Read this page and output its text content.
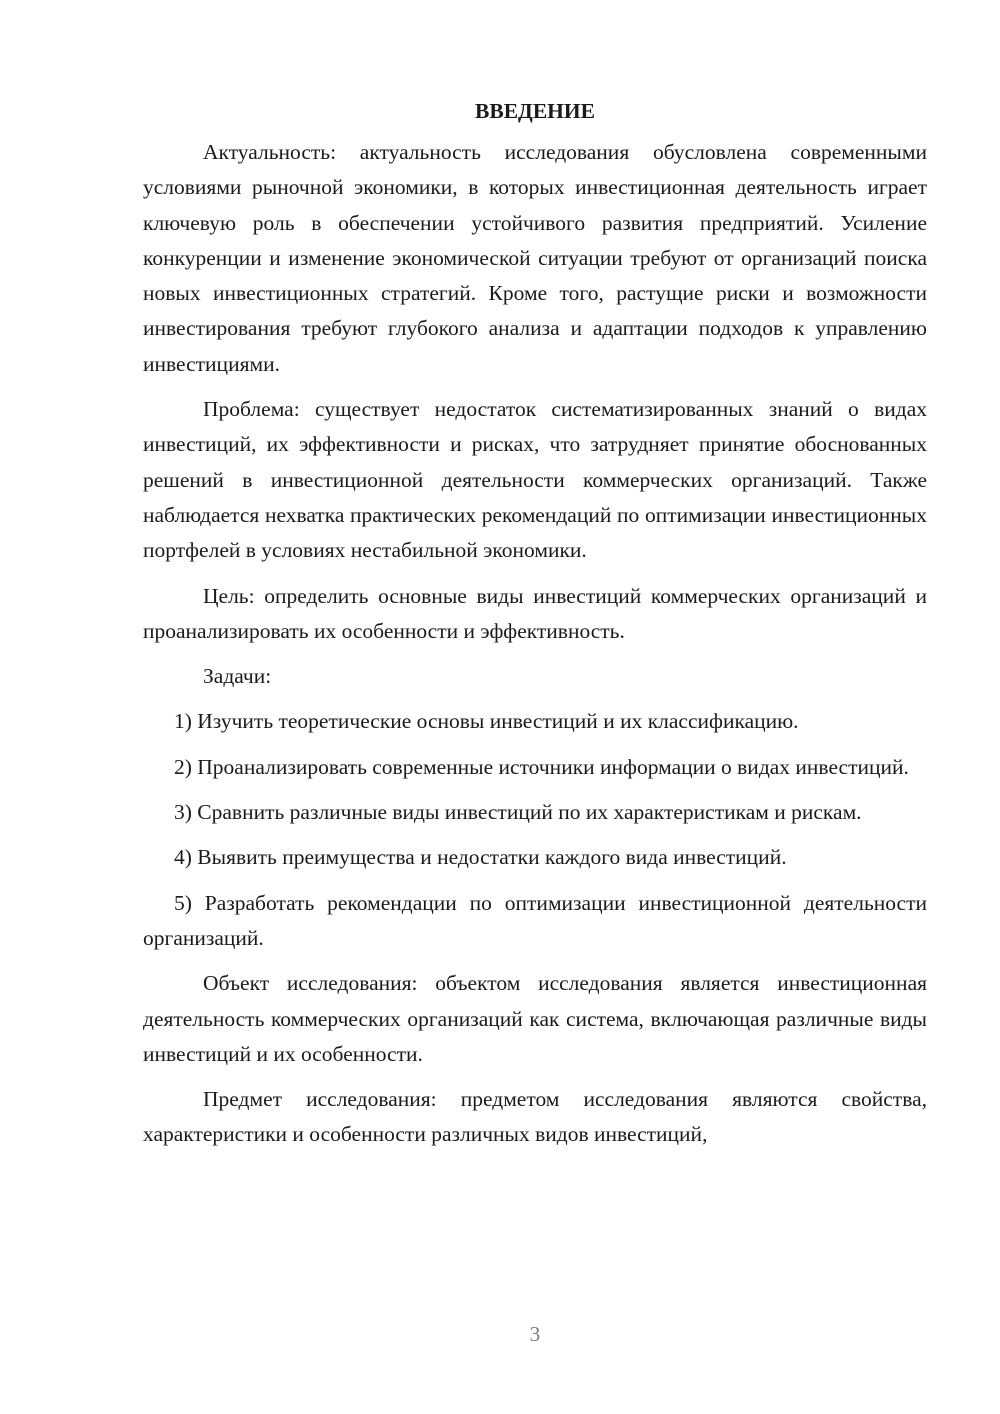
ВВЕДЕНИЕ

Актуальность: актуальность исследования обусловлена современными условиями рыночной экономики, в которых инвестиционная деятельность играет ключевую роль в обеспечении устойчивого развития предприятий. Усиление конкуренции и изменение экономической ситуации требуют от организаций поиска новых инвестиционных стратегий. Кроме того, растущие риски и возможности инвестирования требуют глубокого анализа и адаптации подходов к управлению инвестициями.

Проблема: существует недостаток систематизированных знаний о видах инвестиций, их эффективности и рисках, что затрудняет принятие обоснованных решений в инвестиционной деятельности коммерческих организаций. Также наблюдается нехватка практических рекомендаций по оптимизации инвестиционных портфелей в условиях нестабильной экономики.

Цель: определить основные виды инвестиций коммерческих организаций и проанализировать их особенности и эффективность.

Задачи:

1) Изучить теоретические основы инвестиций и их классификацию.

2) Проанализировать современные источники информации о видах инвестиций.

3) Сравнить различные виды инвестиций по их характеристикам и рискам.

4) Выявить преимущества и недостатки каждого вида инвестиций.

5) Разработать рекомендации по оптимизации инвестиционной деятельности организаций.

Объект исследования: объектом исследования является инвестиционная деятельность коммерческих организаций как система, включающая различные виды инвестиций и их особенности.

Предмет исследования: предметом исследования являются свойства, характеристики и особенности различных видов инвестиций,

3
